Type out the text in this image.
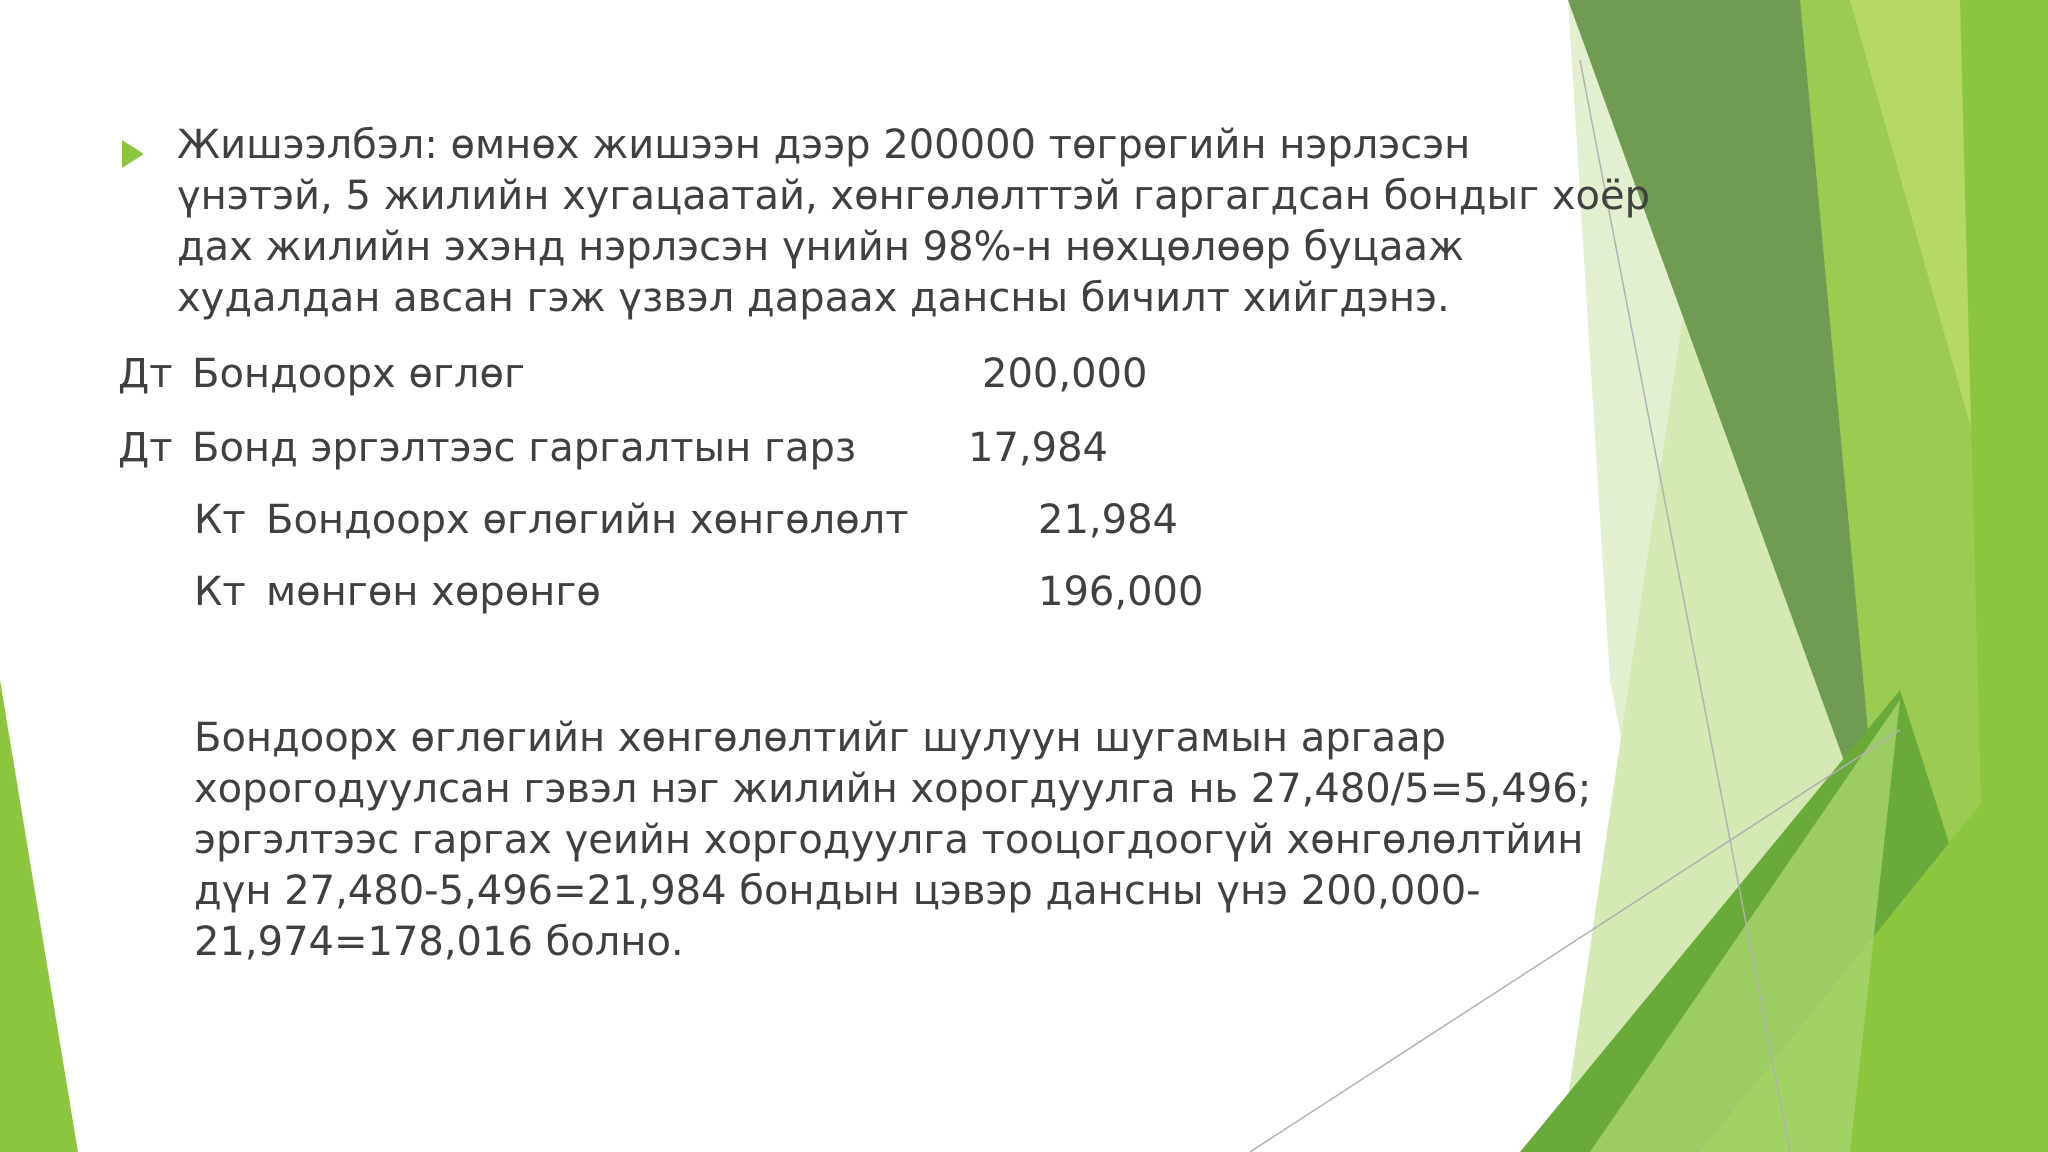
Жишээлбэл: өмнөх жишээн дээр 200000 төгрөгийн нэрлэсэн
үнэтэй, 5 жилийн хугацаатай, хөнгөлөлттэй гаргагдсан бондыг хоёр
дах жилийн эхэнд нэрлэсэн үнийн 98%-н нөхцөлөөр буцааж
худалдан авсан гэж үзвэл дараах дансны бичилт хийгдэнэ.
Дт Бондоорх өглөг	200,000
Дт Бонд эргэлтээс гаргалтын гарз	17,984
Кт Бондоорх өглөгийн хөнгөлөлт	21,984
Кт мөнгөн хөрөнгө	196,000
Бондоорх өглөгийн хөнгөлөлтийг шулуун шугамын аргаар
хорогодуулсан гэвэл нэг жилийн хорогдуулга нь 27,480/5=5,496;
эргэлтээс гаргах үеийн хоргодуулга тооцогдоогүй хөнгөлөлтйин
дүн 27,480-5,496=21,984 бондын цэвэр дансны үнэ 200,000-
21,974=178,016 болно.
